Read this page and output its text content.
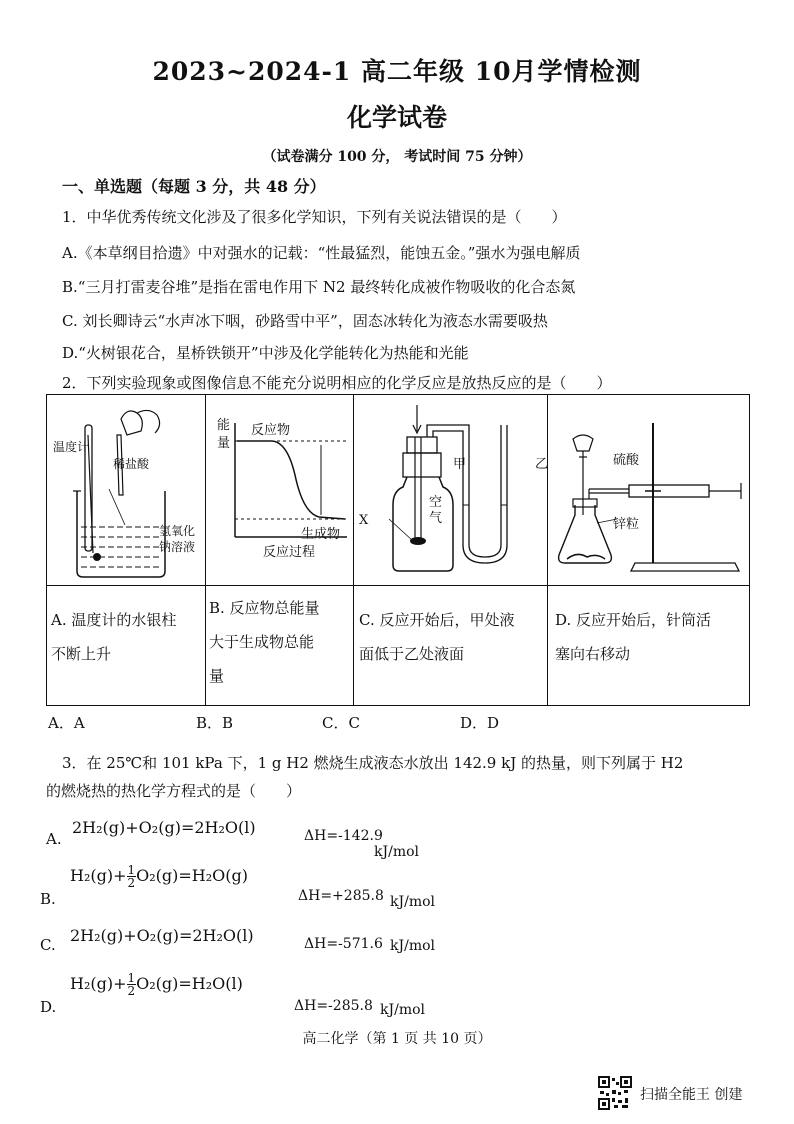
2023~2024-1 高二年级 10月学情检测
化学试卷
（试卷满分 100 分， 考试时间 75 分钟）
一、单选题（每题 3 分，共 48 分）
1．中华优秀传统文化涉及了很多化学知识，下列有关说法错误的是（　　）
A.《本草纲目拾遗》中对强水的记载：“性最猛烈，能蚀五金。”强水为强电解质
B.“三月打雷麦谷堆”是指在雷电作用下 N2 最终转化成被作物吸收的化合态氮
C. 刘长卿诗云“水声冰下咽，砂路雪中平”，固态冰转化为液态水需要吸热
D.“火树银花合，星桥铁锁开”中涉及化学能转化为热能和光能
2．下列实验现象或图像信息不能充分说明相应的化学反应是放热反应的是（　　）
温度计
稀盐酸
氢氧化钠溶液
能量
反应物
生成物
反应过程
X
空气
甲	乙	硫酸
锌粒
A. 温度计的水银柱
不断上升
B. 反应物总能量
大于生成物总能
量
C. 反应开始后，甲处液
面低于乙处液面
D. 反应开始后，针筒活
塞向右移动
A．A	B．B	C．C	D．D
3．在 25℃和 101 kPa 下，1 g H2 燃烧生成液态水放出 142.9 kJ 的热量，则下列属于 H2
的燃烧热的热化学方程式的是（　　）
A.
2H₂(g)+O₂(g)=2H₂O(l)	ΔH=-142.9
kJ/mol
B.
$H_2(g)+ \frac{1}{2} O_2(g)=H_2O(g)$
ΔH=+285.8 kJ/mol
C. 2H₂(g)+O₂(g)=2H₂O(l)	ΔH=-571.6 kJ/mol
D.
$H_2(g)+ \frac{1}{2} O_2(g)=H_2O(l)$
ΔH=-285.8 kJ/mol
高二化学（第 1 页 共 10 页）
扫描全能王 创建
